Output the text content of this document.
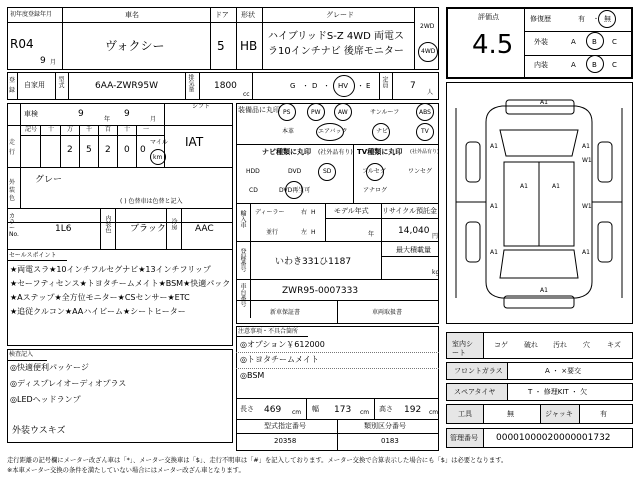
初年度登録年月
R04
9 月
車名
ヴォクシー
ドア
5
形状
HB
グレード
ハイブリッドS-Z 4WD 両電ス
ラ10インチナビ 後席モニター
2WD
4WD
評価点
4.5
修復歴	有 ・ 無
外装	A B C
内装	A B C
登
録
自家用 型式	6AA-ZWR95W	排気量 1800
cc
G ・ D ・ HV ・ E 定員 7
人
車検	9
年
9
月
シフト
IAT
走
行
記号 十 万 千 百 十 一
2 5 2 0 0
マイル
km
外
装
色
グレー
( ) 色替車は色替と記入
カラー No.
1L6	内装色 ブラック 冷房 AAC
装備品に丸印 PS	PW	AW	サンルーフ	ABS
本革	エアバック	ナビ	TV
ナビ種類に丸印 (社外品有り)
HDD	DVD	SD
CD	DVD再生可
TV種類に丸印 (社外品有り)
フルセグ	ワンセグ
アナログ
輸入車 ディーラー
並行
右 H
左 H
モデル年式
年
リサイクル預託金
14,040
円
登録番号	いわき331ひ1187
最大積載量
kg
車台番号	ZWR95-0007333
新車保証書	車両取扱書
セールスポイント
★両電スラ★10インチフルセグナビ★13インチフリップ
★セーフティセンス★トヨタチームメイト★BSM★快適パック
★Aステップ★全方位モニター★CSセンサー★ETC
★追従クルコン★AAハイビーム★シートヒーター
検査記入
◎快適便利パッケージ
◎ディスプレイオーディオプラス
◎LEDヘッドランプ
外装ウスキズ
注意事項・不具合箇所
◎オプション￥612000
◎トヨタチームメイト
◎BSM
長さ 469 cm 幅 173 cm 高さ 192 cm
型式指定番号
20358
類別区分番号
0183
A1
A1	A1
A1	A1
A1
W1
W1
A1	A1
A1
室内シート
コゲ 破れ 汚れ 穴 キズ
フロントガラス	A ・ ×要交
スペアタイヤ	T ・ 修理KIT ・ 欠
工具	無	ジャッキ	有
管理番号 00001000020000001732
走行距離の記号欄にメーター改ざん車は「*」、メーター交換車は「$」、走行不明車は「#」を記入しております。メーター交換で合算表示した場合にも「$」は必要となります。
※本車メーター交換の条件を満たしていない場合にはメーター改ざん車となります。
